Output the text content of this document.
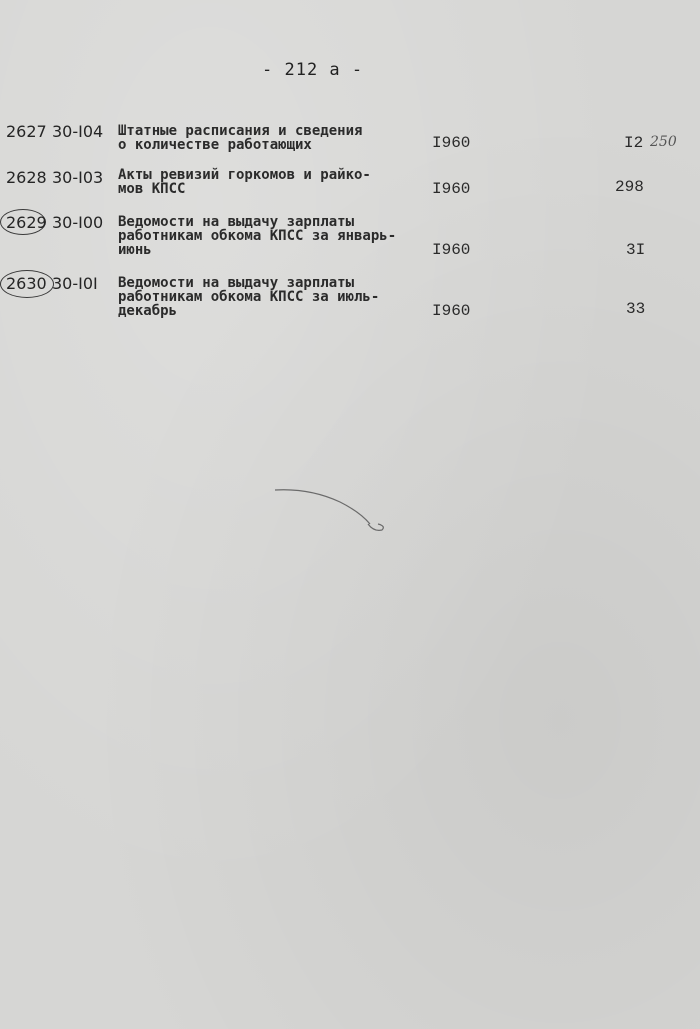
- 212 а -
2627 30-I04 Штатные расписания и сведения
о количестве работающих	I960	I2 250
2628 30-I03 Акты ревизий горкомов и райко-
мов КПСС	I960	298
2629 30-I00 Ведомости на выдачу зарплаты
работникам обкома КПСС за январь-
июнь	I960	3I
2630 30-I0I Ведомости на выдачу зарплаты
работникам обкома КПСС за июль-
декабрь	I960	33
